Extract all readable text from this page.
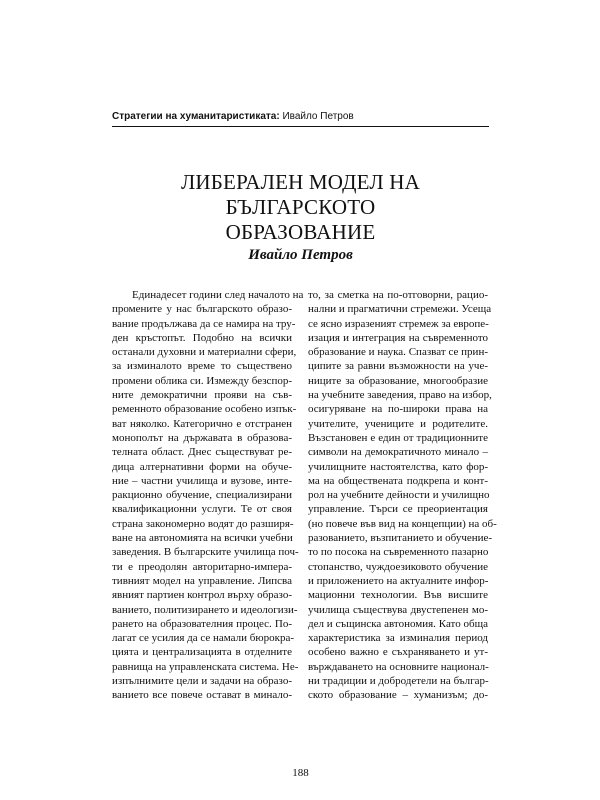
Стратегии на хуманитаристиката: Ивайло Петров
ЛИБЕРАЛЕН МОДЕЛ НА БЪЛГАРСКОТО
ОБРАЗОВАНИЕ
Ивайло Петров
Единадесет години след началото на
промените у нас българското образо-
вание продължава да се намира на тру-
ден кръстопът. Подобно на всички
останали духовни и материални сфери,
за изминалото време то съществено
промени облика си. Измежду безспор-
ните демократични прояви на съв-
ременното образование особено изпък-
ват няколко. Категорично е отстранен
монополът на държавата в образова-
телната област. Днес съществуват ре-
дица алтернативни форми на обуче-
ние – частни училища и вузове, инте-
ракционно обучение, специализирани
квалификационни услуги. Те от своя
страна закономерно водят до разширя-
ване на автономията на всички учебни
заведения. В българските училища поч-
ти е преодолян авторитарно-импера-
тивният модел на управление. Липсва
явният партиен контрол върху образо-
ванието, политизирането и идеологизи-
рането на образователния процес. По-
лагат се усилия да се намали бюрокра-
цията и централизацията в отделните
равнища на управленската система. Не-
изпълнимите цели и задачи на образо-
ванието все повече остават в минало-
то, за сметка на по-отговорни, рацио-
нални и прагматични стремежи. Усеща
се ясно изразеният стремеж за европе-
изация и интеграция на съвременното
образование и наука. Спазват се прин-
ципите за равни възможности на уче-
ниците за образование, многообразие
на учебните заведения, право на избор,
осигуряване на по-широки права на
учителите, учениците и родителите.
Възстановен е един от традиционните
символи на демократичното минало –
училищните настоятелства, като фор-
ма на обществената подкрепа и конт-
рол на учебните дейности и училищно
управление. Търси се преориентация
(но повече във вид на концепции) на об-
разованието, възпитанието и обучение-
то по посока на съвременното пазарно
стопанство, чуждоезиковото обучение
и приложението на актуалните инфор-
мационни технологии. Във висшите
училища съществува двустепенен мо-
дел и същинска автономия. Като обща
характеристика за изминалия период
особено важно е съхраняването и ут-
върждаването на основните национал-
ни традиции и добродетели на българ-
ското образование – хуманизъм; до-
188
